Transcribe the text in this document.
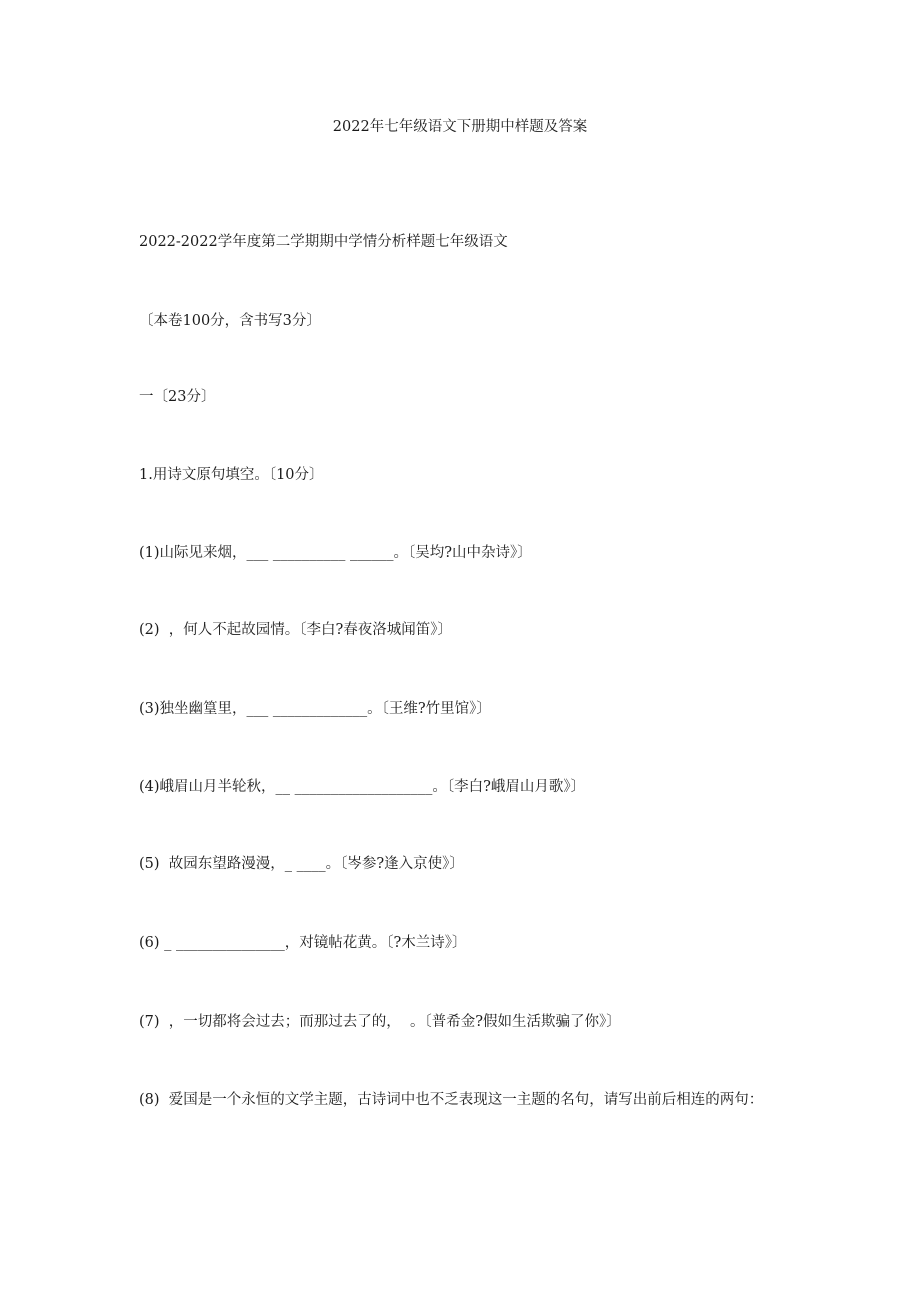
2022年七年级语文下册期中样题及答案

2022-2022学年度第二学期期中学情分析样题七年级语文

〔本卷100分，含书写3分〕

一〔23分〕

1.用诗文原句填空。〔10分〕

(1)山际见来烟，___ __________ ______。〔吴均?山中杂诗》〕

(2)  ，何人不起故园情。〔李白?春夜洛城闻笛》〕

(3)独坐幽篁里，___ _____________。〔王维?竹里馆》〕

(4)峨眉山月半轮秋，__ ___________________。〔李白?峨眉山月歌》〕

(5)  故园东望路漫漫，_ ____。〔岑参?逢入京使》〕

(6) _ _______________，对镜帖花黄。〔?木兰诗》〕

(7)  ，一切都将会过去；而那过去了的，  。〔普希金?假如生活欺骗了你》〕

(8)  爱国是一个永恒的文学主题，古诗词中也不乏表现这一主题的名句，请写出前后相连的两句：
